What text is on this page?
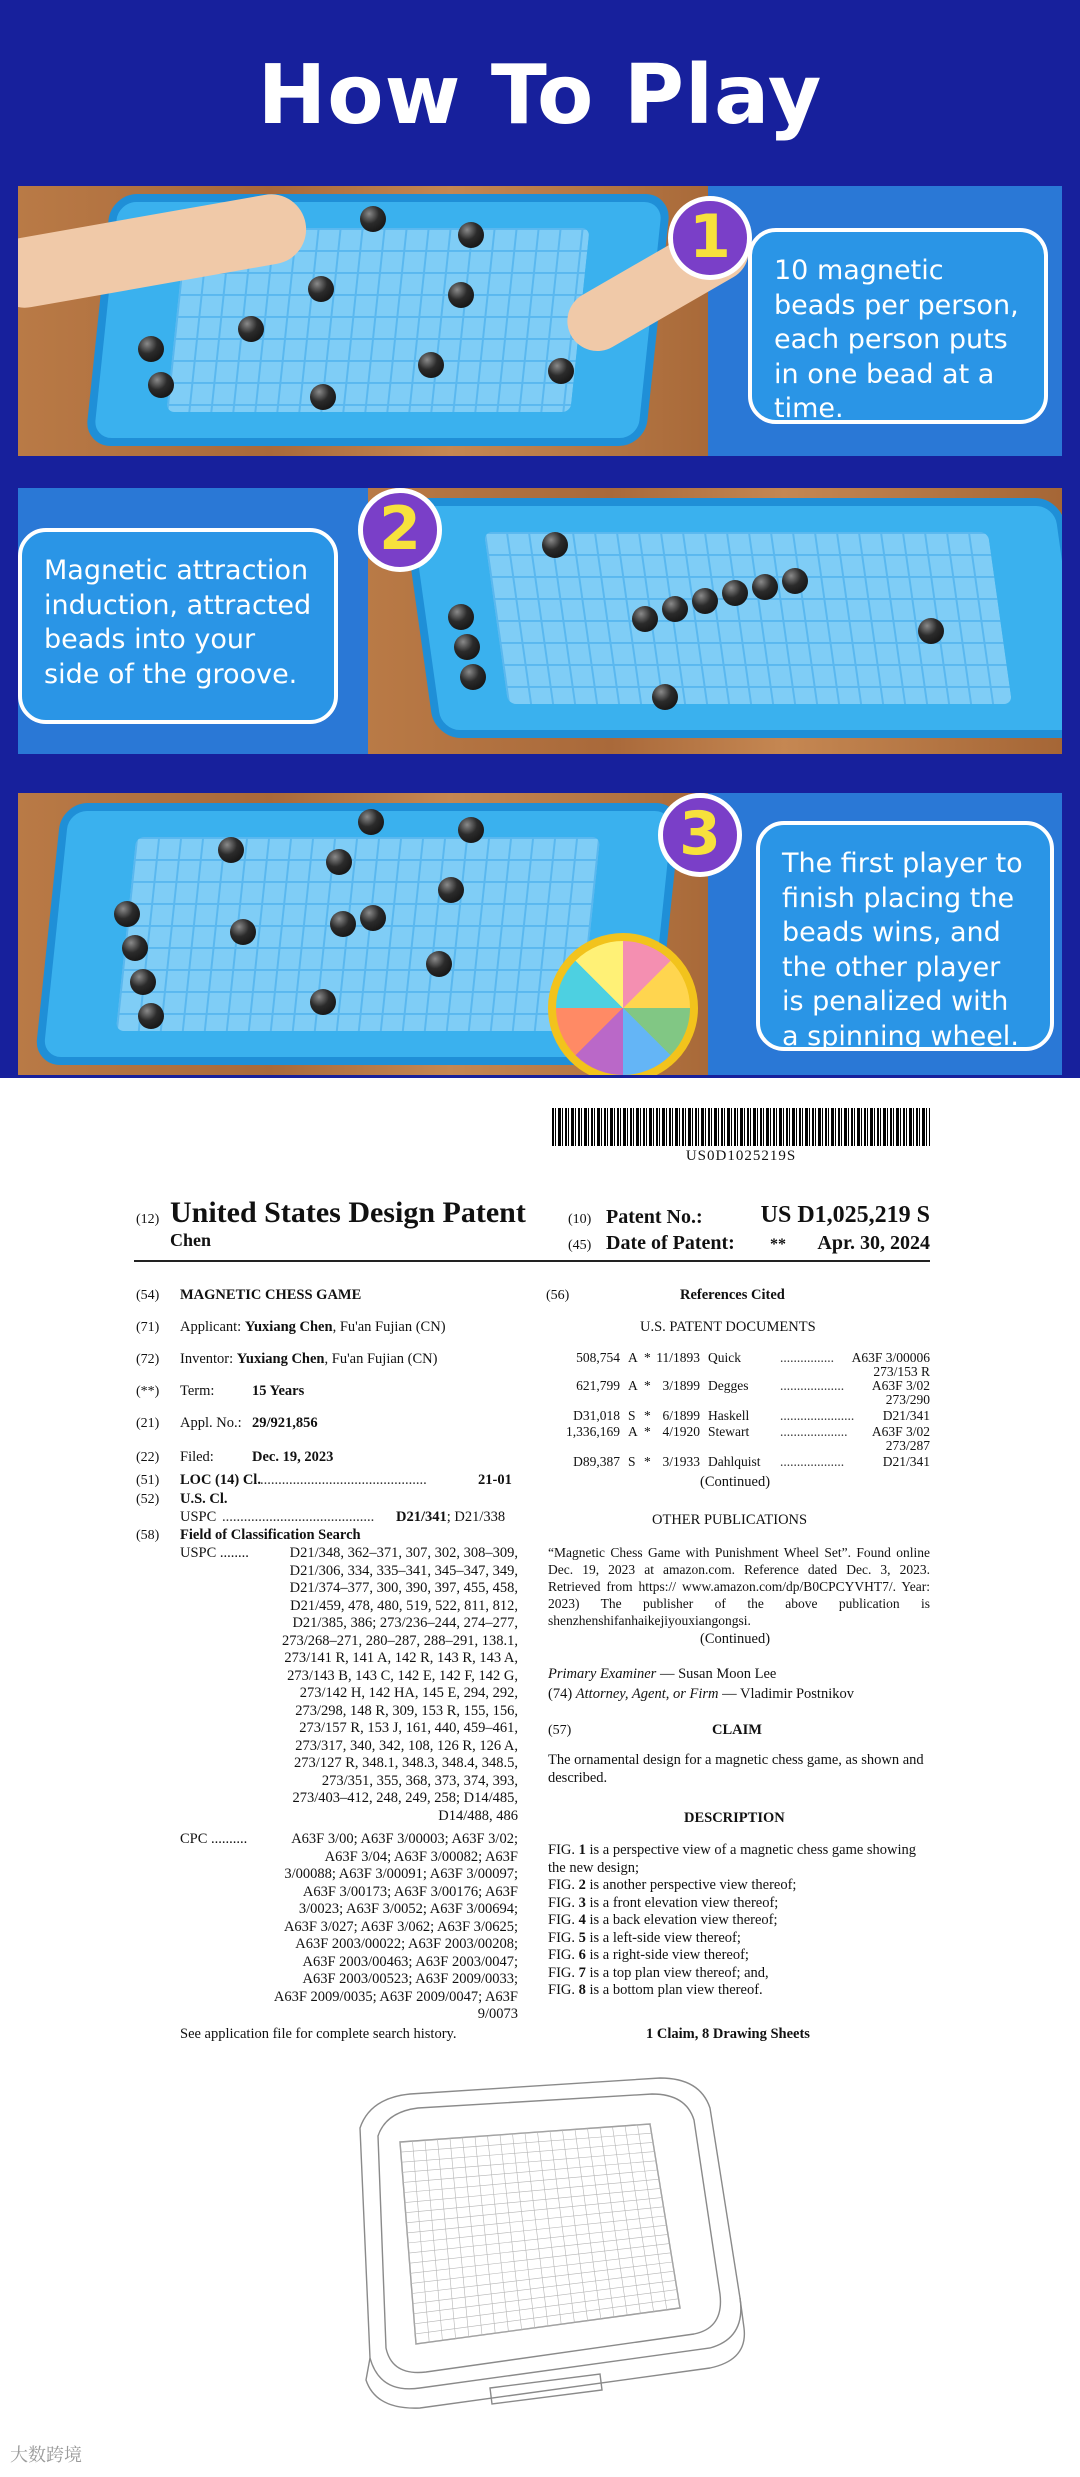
How To Play
1	10 magnetic beads per person, each person puts in one bead at a time.
2
Magnetic attraction induction, attracted beads into your side of the groove.
3	The first player to finish placing the beads wins, and the other player is penalized with a spinning wheel.
US0D1025219S
(12) United States Design Patent
Chen
(10) Patent No.:	US D1,025,219 S
(45) Date of Patent: **	Apr. 30, 2024
(54) MAGNETIC CHESS GAME
(71) Applicant: Yuxiang Chen, Fu'an Fujian (CN)
(72) Inventor: Yuxiang Chen, Fu'an Fujian (CN)
(**) Term:	15 Years
(21) Appl. No.: 29/921,856
(22) Filed:	Dec. 19, 2023
(51) LOC (14) Cl. ..............................................	21-01
(52) U.S. Cl.
USPC ..........................................	D21/341; D21/338
(58) Field of Classification Search
USPC ........	D21/348, 362–371, 307, 302, 308–309,
D21/306, 334, 335–341, 345–347, 349,
D21/374–377, 300, 390, 397, 455, 458,
D21/459, 478, 480, 519, 522, 811, 812,
D21/385, 386; 273/236–244, 274–277,
273/268–271, 280–287, 288–291, 138.1,
273/141 R, 141 A, 142 R, 143 R, 143 A,
273/143 B, 143 C, 142 E, 142 F, 142 G,
273/142 H, 142 HA, 145 E, 294, 292,
273/298, 148 R, 309, 153 R, 155, 156,
273/157 R, 153 J, 161, 440, 459–461,
273/317, 340, 342, 108, 126 R, 126 A,
273/127 R, 348.1, 348.3, 348.4, 348.5,
273/351, 355, 368, 373, 374, 393,
273/403–412, 248, 249, 258; D14/485,
D14/488, 486
CPC ..........	A63F 3/00; A63F 3/00003; A63F 3/02;
A63F 3/04; A63F 3/00082; A63F
3/00088; A63F 3/00091; A63F 3/00097;
A63F 3/00173; A63F 3/00176; A63F
3/0023; A63F 3/0052; A63F 3/00694;
A63F 3/027; A63F 3/062; A63F 3/0625;
A63F 2003/00022; A63F 2003/00208;
A63F 2003/00463; A63F 2003/0047;
A63F 2003/00523; A63F 2009/0033;
A63F 2009/0035; A63F 2009/0047; A63F
9/0073
See application file for complete search history.
(56)	References Cited
U.S. PATENT DOCUMENTS
508,754 A * 11/1893 Quick	................ A63F 3/00006
273/153 R
621,799 A * 3/1899 Degges ................... A63F 3/02
273/290
D31,018 S * 6/1899 Haskell ...................... D21/341
1,336,169 A * 4/1920 Stewart .................... A63F 3/02
273/287
D89,387 S * 3/1933 Dahlquist ...................	D21/341
(Continued)
OTHER PUBLICATIONS
“Magnetic Chess Game with Punishment Wheel Set”. Found online Dec. 19, 2023 at amazon.com. Reference dated Dec. 3, 2023. Retrieved from https:// www.amazon.com/dp/B0CPCYVHT7/. Year: 2023) The publisher of the above publication is shenzhenshifanhaikejiyouxiangongsi.
(Continued)
Primary Examiner — Susan Moon Lee
(74) Attorney, Agent, or Firm — Vladimir Postnikov
(57)	CLAIM
The ornamental design for a magnetic chess game, as shown and described.
DESCRIPTION
FIG. 1 is a perspective view of a magnetic chess game showing the new design;
FIG. 2 is another perspective view thereof;
FIG. 3 is a front elevation view thereof;
FIG. 4 is a back elevation view thereof;
FIG. 5 is a left-side view thereof;
FIG. 6 is a right-side view thereof;
FIG. 7 is a top plan view thereof; and,
FIG. 8 is a bottom plan view thereof.
1 Claim, 8 Drawing Sheets
大数跨境
